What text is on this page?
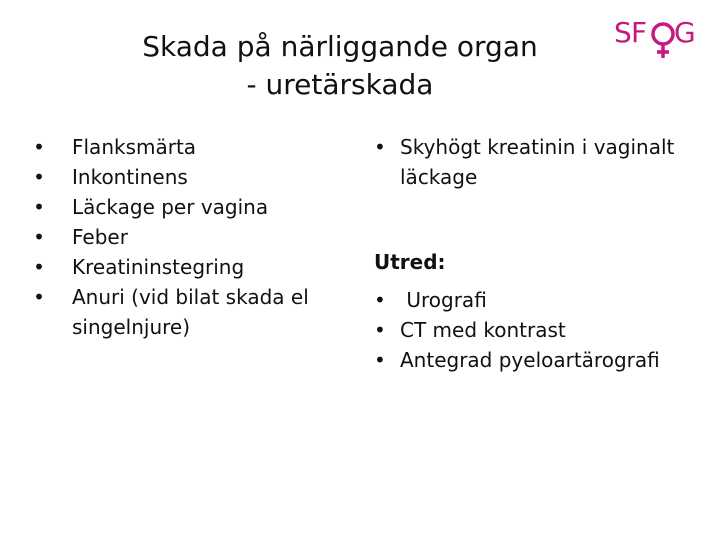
Skada på närliggande organ
- uretärskada
S F G
• Flanksmärta
• Inkontinens
• Läckage per vagina
• Feber
• Kreatininstegring
• Anuri (vid bilat skada el singelnjure)
• Skyhögt kreatinin i vaginalt läckage
Utred:
• Urografi
• CT med kontrast
• Antegrad pyeloartärografi
